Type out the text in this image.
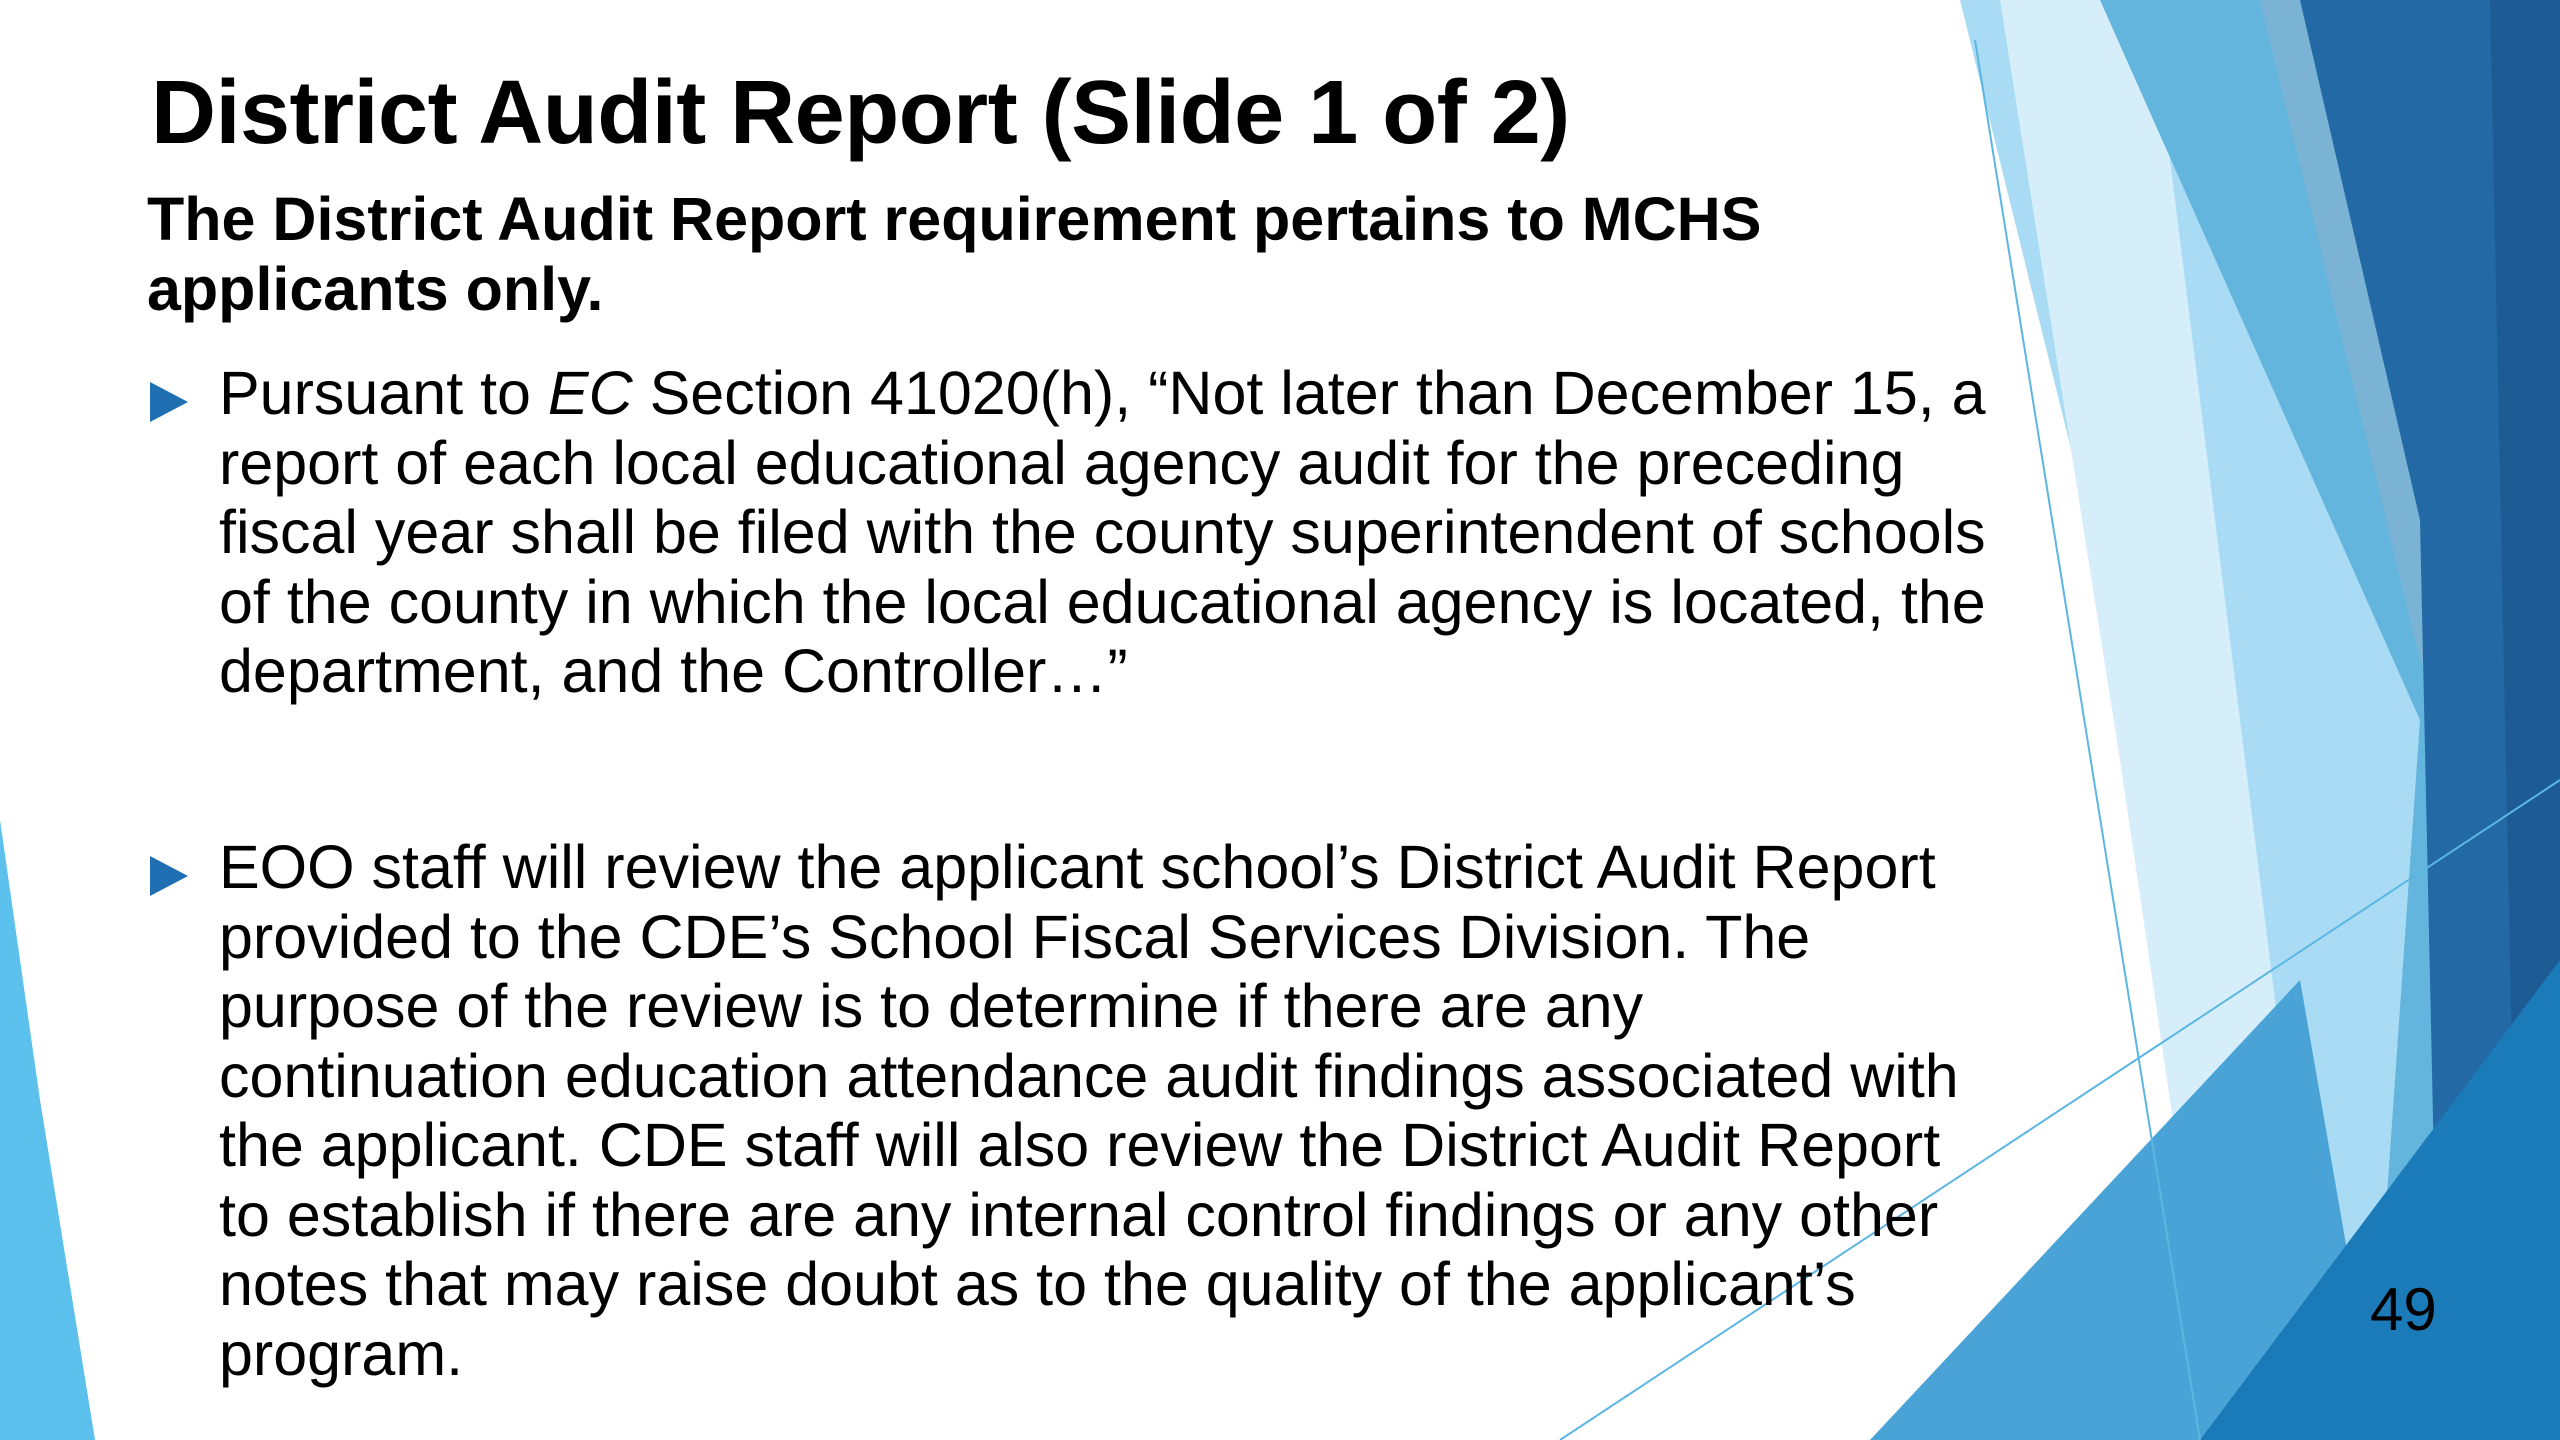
District Audit Report (Slide 1 of 2)

The District Audit Report requirement pertains to MCHS applicants only.

Pursuant to EC Section 41020(h), “Not later than December 15, a report of each local educational agency audit for the preceding fiscal year shall be filed with the county superintendent of schools of the county in which the local educational agency is located, the department, and the Controller…”

EOO staff will review the applicant school’s District Audit Report provided to the CDE’s School Fiscal Services Division. The purpose of the review is to determine if there are any continuation education attendance audit findings associated with the applicant. CDE staff will also review the District Audit Report to establish if there are any internal control findings or any other notes that may raise doubt as to the quality of the applicant’s program.

49
